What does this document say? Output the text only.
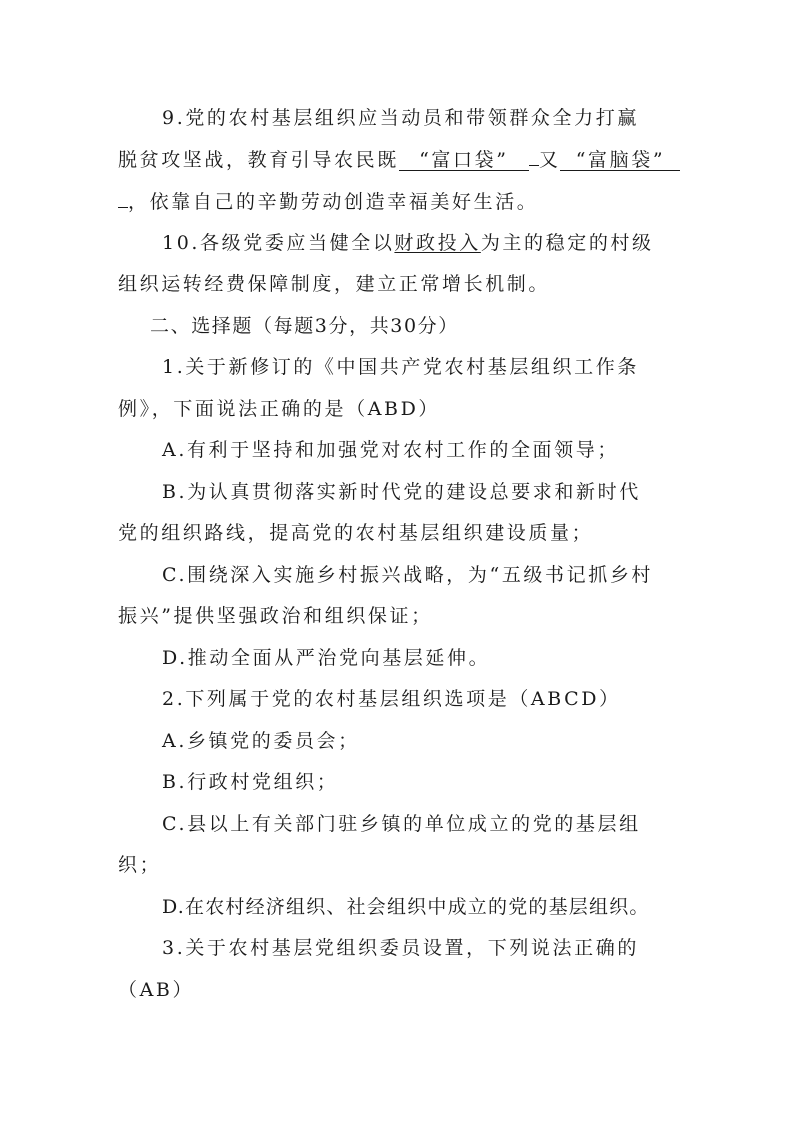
9.党的农村基层组织应当动员和带领群众全力打赢
脱贫攻坚战，教育引导农民既 “富口袋” 又 “富脑袋”
，依靠自己的辛勤劳动创造幸福美好生活。
10.各级党委应当健全以财政投入为主的稳定的村级
组织运转经费保障制度，建立正常增长机制。
二、选择题（每题3分，共30分）
1.关于新修订的《中国共产党农村基层组织工作条
例》，下面说法正确的是（ABD）
A.有利于坚持和加强党对农村工作的全面领导；
B.为认真贯彻落实新时代党的建设总要求和新时代
党的组织路线，提高党的农村基层组织建设质量；
C.围绕深入实施乡村振兴战略，为“五级书记抓乡村
振兴”提供坚强政治和组织保证；
D.推动全面从严治党向基层延伸。
2.下列属于党的农村基层组织选项是（ABCD）
A.乡镇党的委员会；
B.行政村党组织；
C.县以上有关部门驻乡镇的单位成立的党的基层组
织；
D.在农村经济组织、社会组织中成立的党的基层组织。
3.关于农村基层党组织委员设置，下列说法正确的
（AB）
